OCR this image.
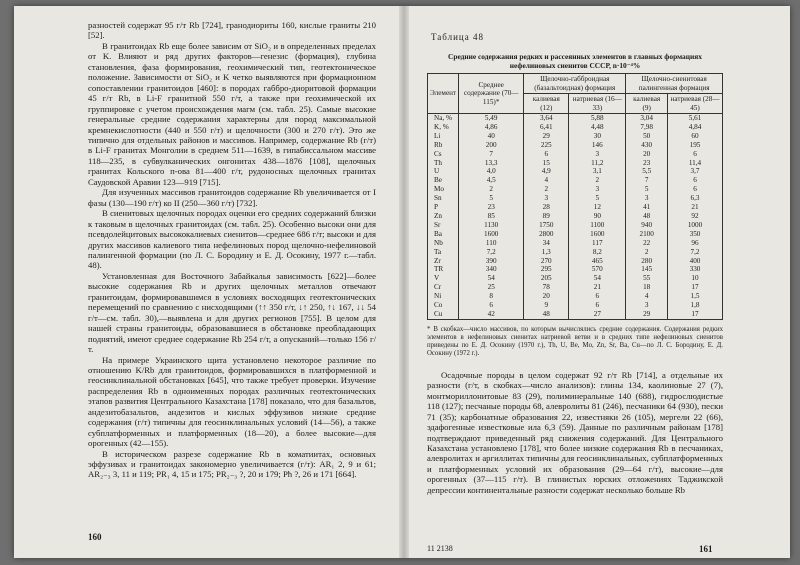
разностей содержат 95 г/т Rb [724], гранодиориты 160, кислые граниты 210 [52].

В гранитоидах Rb еще более зависим от SiO₂ и в определенных пределах от K. Влияют и ряд других факторов—генезис (формация), глубина становления, фаза формирования, геохимический тип, геотектоническое положение. Зависимости от SiO₂ и K четко выявляются при формационном сопоставлении гранитоидов [460]: в породах габбро-диоритовой формации 45 г/т Rb, в Li-F гранитной 550 г/т, а также при геохимической их группировке с учетом происхождения магм (см. табл. 25). Самые высокие генеральные средние содержания характерны для пород максимальной кремнекислотности (440 и 550 г/т) и щелочности (300 и 270 г/т). Это же типично для отдельных районов и массивов. Например, содержание Rb (г/т) в Li-F гранитах Монголии в среднем 511—1639, в гипабиссальном массиве 118—235, в субвулканических онгонитах 438—1876 [108], щелочных гранитах Кольского п-ова 81—400 г/т, рудоносных щелочных гранитах Саудовской Аравии 123—919 [715].

Для изученных массивов гранитоидов содержание Rb увеличивается от I фазы (130—190 г/т) ко II (250—360 г/т) [732].

В сиенитовых щелочных породах оценки его средних содержаний близки к таковым в щелочных гранитоидах (см. табл. 25). Особенно высоки они для псевдолейцитовых высококалиевых сиенитов—среднее 686 г/т; высоки и для других массивов калиевого типа нефелиновых пород щелочно-нефелиновой палингенной формации (по Л. С. Бородину и Е. Д. Осокину, 1977 г.—табл. 48).

Установленная для Восточного Забайкалья зависимость [622]—более высокие содержания Rb и других щелочных металлов отвечают гранитоидам, формировавшимся в условиях восходящих геотектонических перемещений по сравнению с нисходящими (↑↑ 350 г/т, ↓↑ 250, ↑↓ 167, ↓↓ 54 г/т—см. табл. 30),—выявлена и для других регионов [755]. В целом для нашей страны гранитоиды, образовавшиеся в обстановке преобладающих поднятий, имеют среднее содержание Rb 254 г/т, а опусканий—только 156 г/т.

На примере Украинского щита установлено некоторое различие по отношению K/Rb для гранитоидов, формировавшихся в платформенной и геосинклинальной обстановках [645], что также требует проверки. Изучение распределения Rb в одноименных породах различных геотектонических этапов развития Центрального Казахстана [178] показало, что для базальтов, андезитобазальтов, андезитов и кислых эффузивов низкие средние содержания (г/т) типичны для геосинклинальных условий (14—56), а также субплатформенных и платформенных (18—20), а более высокие—для орогенных (42—155).

В историческом разрезе содержание Rb в коматиитах, основных эффузивах и гранитоидах закономерно увеличивается (г/т): AR₁ 2, 9 и 61; AR₂₋₃ 3, 11 и 119; PR₁ 4, 15 и 175; PR₂₋₃ ?, 20 и 179; Pħ ?, 26 и 171 [664].

160
Таблица 48
Средние содержания редких и рассеянных элементов в главных формациях нефелиновых сиенитов СССР, n·10⁻⁴%
Элемент	Среднее содержание (70—115)*	Щелочно-габброидная (базальтоидная) формация		Щелочно-сиенитовая палингенная формация	
		калиевая (12)	натриевая (16—33)	калиевая (9)	натриевая (28—45)
Na, %	5,49	3,64	5,88	3,04	5,61
K, %	4,86	6,41	4,48	7,98	4,84
Li	40	29	30	50	60
Rb	200	225	146	430	195
Cs	7	6	3	20	6
Th	13,3	15	11,2	23	11,4
U	4,0	4,9	3,1	5,5	3,7
Be	4,5	4	2	7	6
Mo	2	2	3	5	6
Sn	5	3	5	3	6,3
P	23	28	12	41	21
Zn	85	89	90	48	92
Sr	1130	1750	1100	940	1000
Ba	1600	2800	1600	2100	350
Nb	110	34	117	22	96
Ta	7,2	1,3	8,2	2	7,2
Zr	390	270	465	280	400
TR	340	295	570	145	330
V	54	205	54	55	10
Cr	25	78	21	18	17
Ni	8	20	6	4	1,5
Co	6	9	6	3	1,8
Cu	42	48	27	29	17
* В скобках—число массивов, по которым вычислялись средние содержания. Содержания редких элементов в нефелиновых сиенитах натриевой ветви и в средних типе нефелиновых сиенитов приведены по Е. Д. Осокину (1970 г.), Th, U, Be, Mo, Zn, Sr, Ba, Cu—по Л. С. Бородину, Е. Д. Осокину (1972 г.).

Осадочные породы в целом содержат 92 г/т Rb [714], а отдельные их разности (г/т, в скобках—число анализов): глины 134, каолиновые 27 (7), монтмориллонитовые 83 (29), полиминеральные 140 (688), гидрослюдистые 118 (127); песчаные породы 68, алевролиты 81 (246), песчаники 64 (930), пески 71 (35); карбонатные образования 22, известняки 26 (105), мергели 22 (66), эдафогенные известковые ила 6,3 (59). Данные по различным районам [178] подтверждают приведенный ряд снижения содержаний. Для Центрального Казахстана установлено [178], что более низкие содержания Rb в песчаниках, алевролитах и аргиллитах типичны для геосинклинальных, субплатформенных и платформенных условий их образования (29—64 г/т), высокие—для орогенных (37—115 г/т). В глинистых юрских отложениях Таджикской депрессии континентальные разности содержат несколько больше Rb

11 2138	161
